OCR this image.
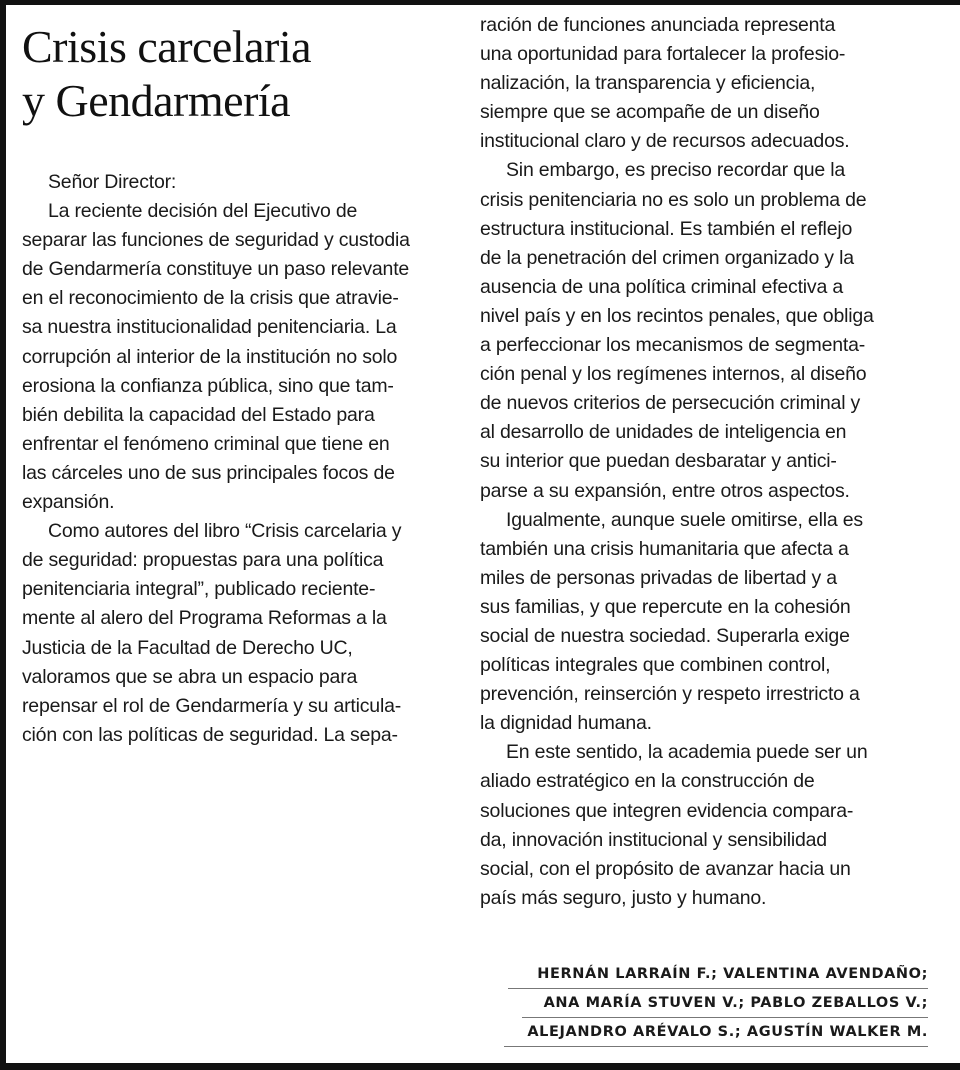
Crisis carcelaria
y Gendarmería
Señor Director:
La reciente decisión del Ejecutivo de
separar las funciones de seguridad y custodia
de Gendarmería constituye un paso relevante
en el reconocimiento de la crisis que atravie-
sa nuestra institucionalidad penitenciaria. La
corrupción al interior de la institución no solo
erosiona la confianza pública, sino que tam-
bién debilita la capacidad del Estado para
enfrentar el fenómeno criminal que tiene en
las cárceles uno de sus principales focos de
expansión.
Como autores del libro “Crisis carcelaria y
de seguridad: propuestas para una política
penitenciaria integral”, publicado reciente-
mente al alero del Programa Reformas a la
Justicia de la Facultad de Derecho UC,
valoramos que se abra un espacio para
repensar el rol de Gendarmería y su articula-
ción con las políticas de seguridad. La sepa-
ración de funciones anunciada representa
una oportunidad para fortalecer la profesio-
nalización, la transparencia y eficiencia,
siempre que se acompañe de un diseño
institucional claro y de recursos adecuados.
Sin embargo, es preciso recordar que la
crisis penitenciaria no es solo un problema de
estructura institucional. Es también el reflejo
de la penetración del crimen organizado y la
ausencia de una política criminal efectiva a
nivel país y en los recintos penales, que obliga
a perfeccionar los mecanismos de segmenta-
ción penal y los regímenes internos, al diseño
de nuevos criterios de persecución criminal y
al desarrollo de unidades de inteligencia en
su interior que puedan desbaratar y antici-
parse a su expansión, entre otros aspectos.
Igualmente, aunque suele omitirse, ella es
también una crisis humanitaria que afecta a
miles de personas privadas de libertad y a
sus familias, y que repercute en la cohesión
social de nuestra sociedad. Superarla exige
políticas integrales que combinen control,
prevención, reinserción y respeto irrestricto a
la dignidad humana.
En este sentido, la academia puede ser un
aliado estratégico en la construcción de
soluciones que integren evidencia compara-
da, innovación institucional y sensibilidad
social, con el propósito de avanzar hacia un
país más seguro, justo y humano.
HERNÁN LARRAÍN F.; VALENTINA AVENDAÑO;
ANA MARÍA STUVEN V.; PABLO ZEBALLOS V.;
ALEJANDRO ARÉVALO S.; AGUSTÍN WALKER M.
